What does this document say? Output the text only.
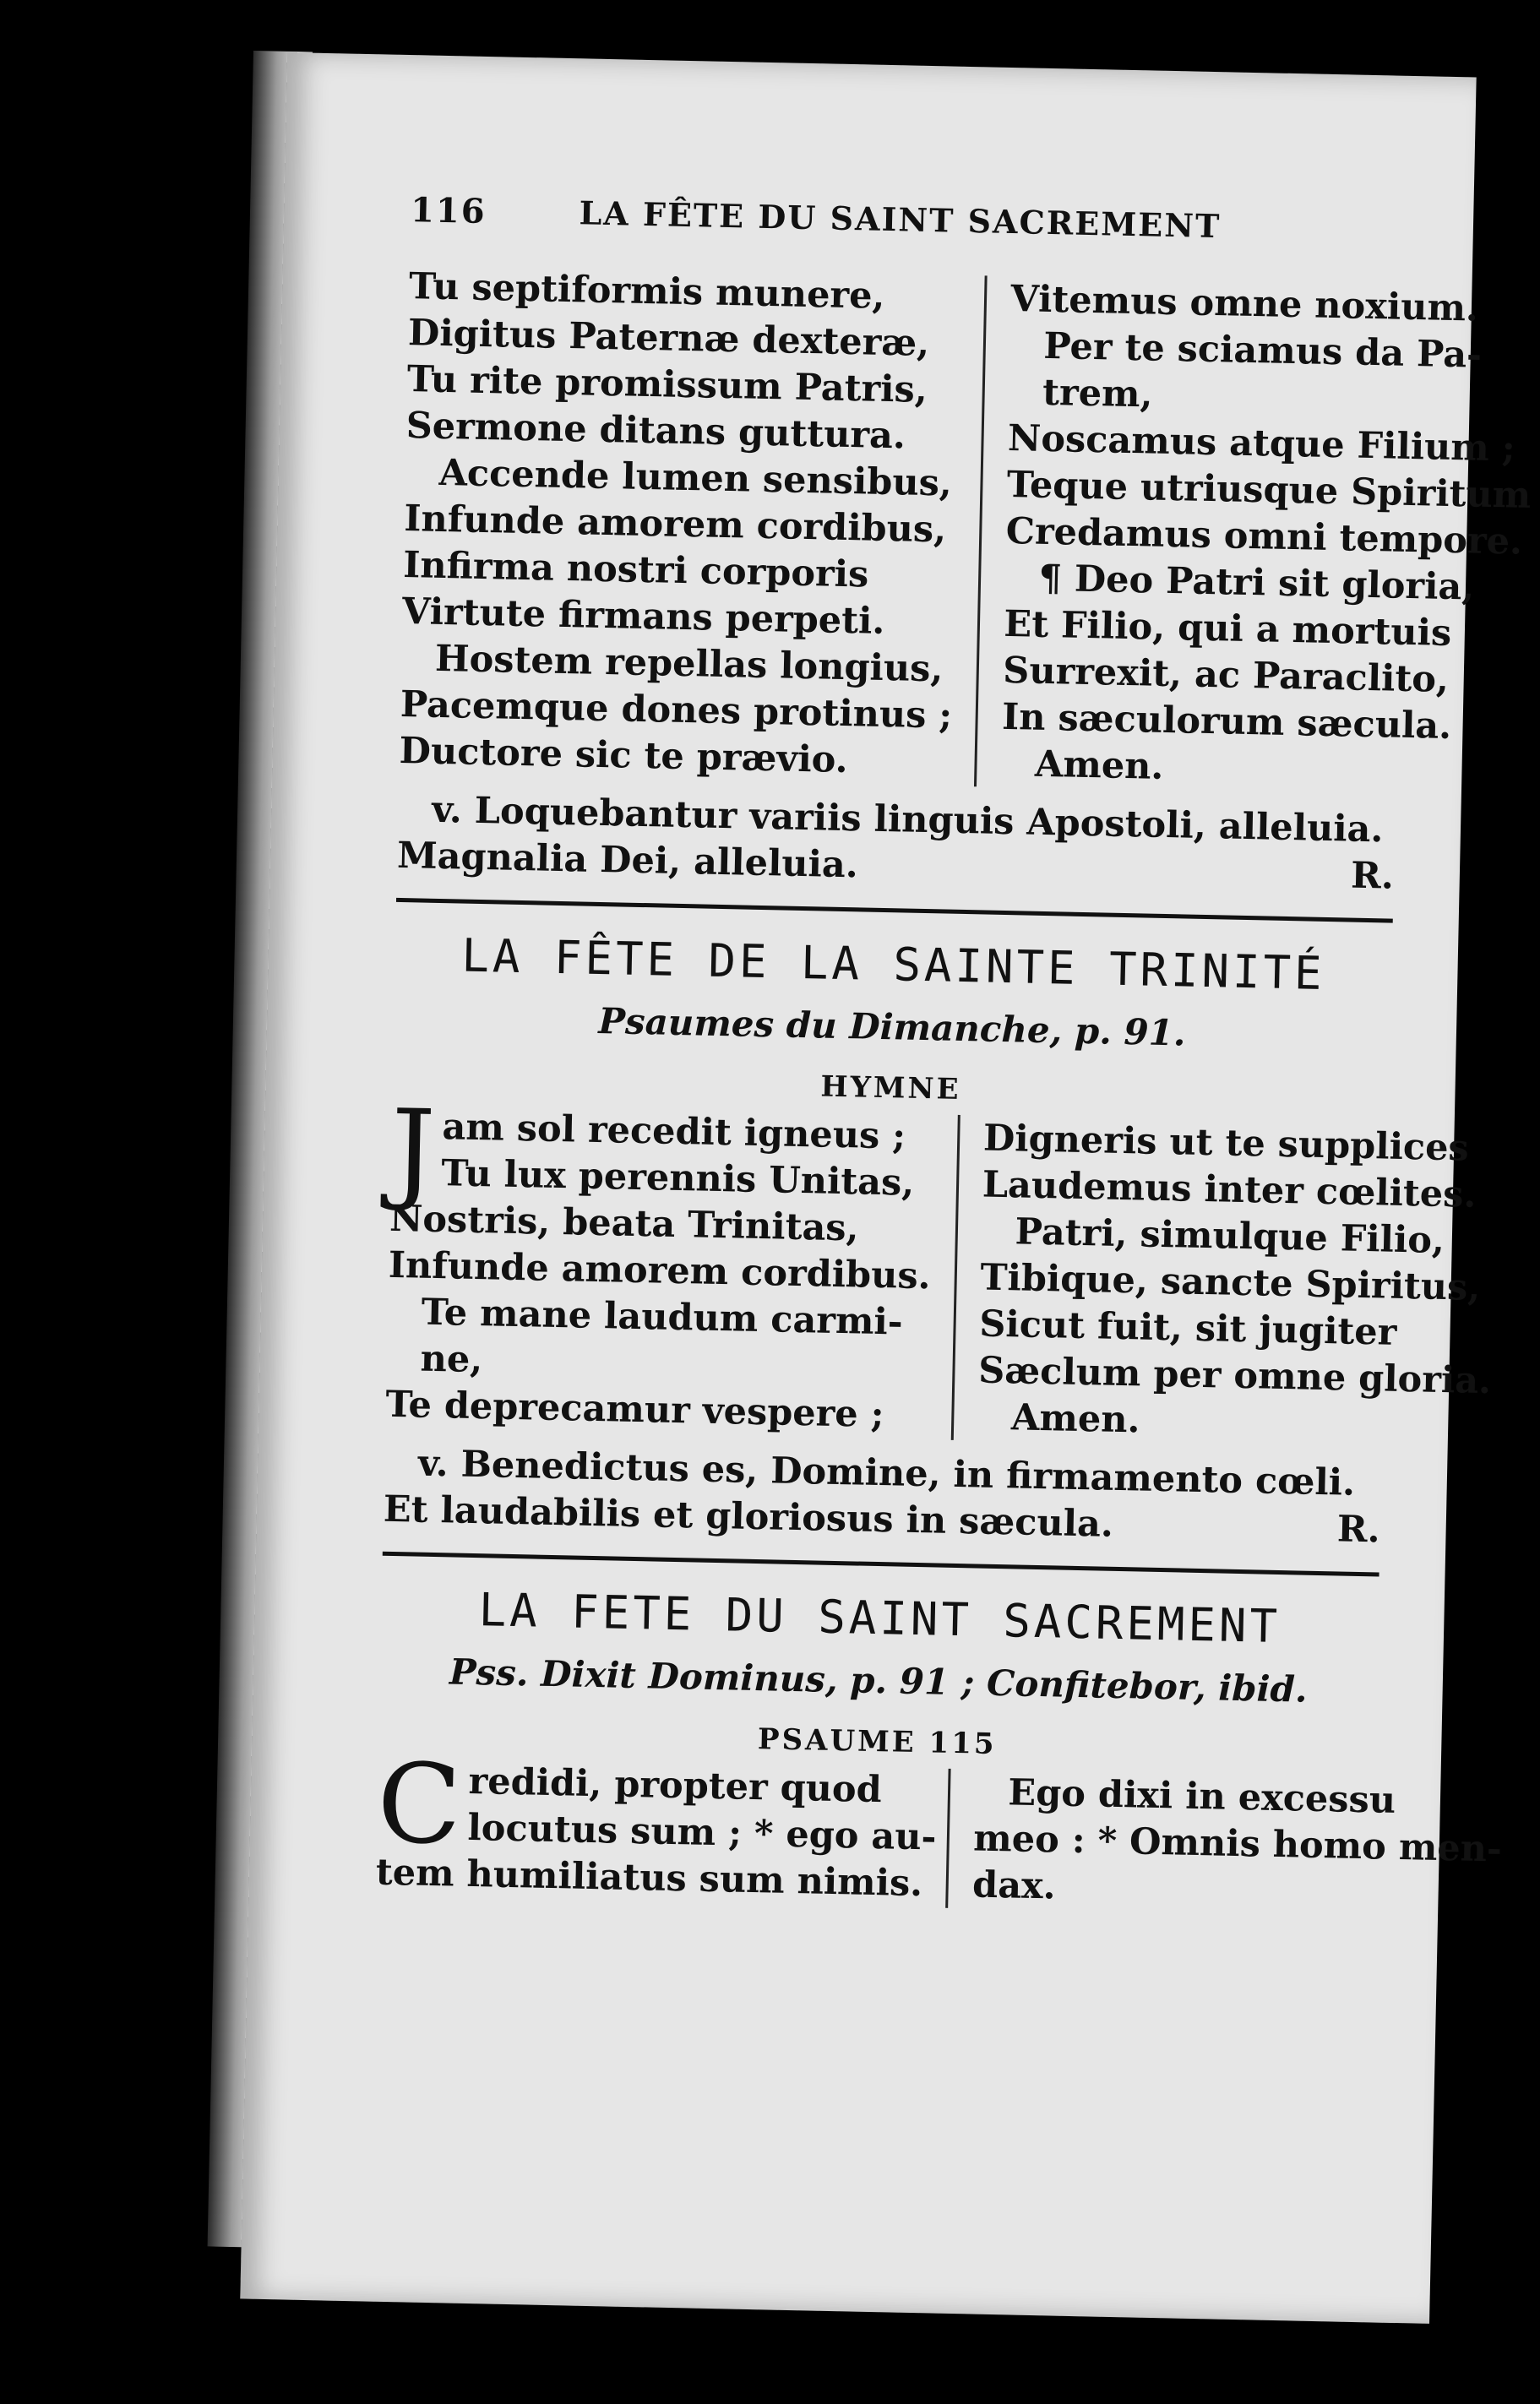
116	LA FÊTE DU SAINT SACREMENT
Tu septiformis munere,
Digitus Paternæ dexteræ,
Tu rite promissum Patris,
Sermone ditans guttura.
Accende lumen sensibus,
Infunde amorem cordibus,
Infirma nostri corporis
Virtute firmans perpeti.
Hostem repellas longius,
Pacemque dones protinus ;
Ductore sic te prævio.
Vitemus omne noxium.
Per te sciamus da Pa-
trem,
Noscamus atque Filium ;
Teque utriusque Spiritum
Credamus omni tempore.
¶ Deo Patri sit gloria,
Et Filio, qui a mortuis
Surrexit, ac Paraclito,
In sæculorum sæcula.
Amen.
v. Loquebantur variis linguis Apostoli, alleluia.
Magnalia Dei, alleluia.	R.
LA FÊTE DE LA SAINTE TRINITÉ
Psaumes du Dimanche, p. 91.
HYMNE
J am sol recedit igneus ;
Tu lux perennis Unitas,
Nostris, beata Trinitas,
Infunde amorem cordibus.
Te mane laudum carmi-
ne,
Te deprecamur vespere ;
Digneris ut te supplices
Laudemus inter cœlites.
Patri, simulque Filio,
Tibique, sancte Spiritus,
Sicut fuit, sit jugiter
Sæclum per omne gloria.
Amen.
v. Benedictus es, Domine, in firmamento cœli.
Et laudabilis et gloriosus in sæcula.	R.
LA FETE DU SAINT SACREMENT
Pss. Dixit Dominus, p. 91 ; Confitebor, ibid.
PSAUME 115
C redidi, propter quod
locutus sum ; * ego au-
tem humiliatus sum nimis.
Ego dixi in excessu
meo : * Omnis homo men-
dax.
